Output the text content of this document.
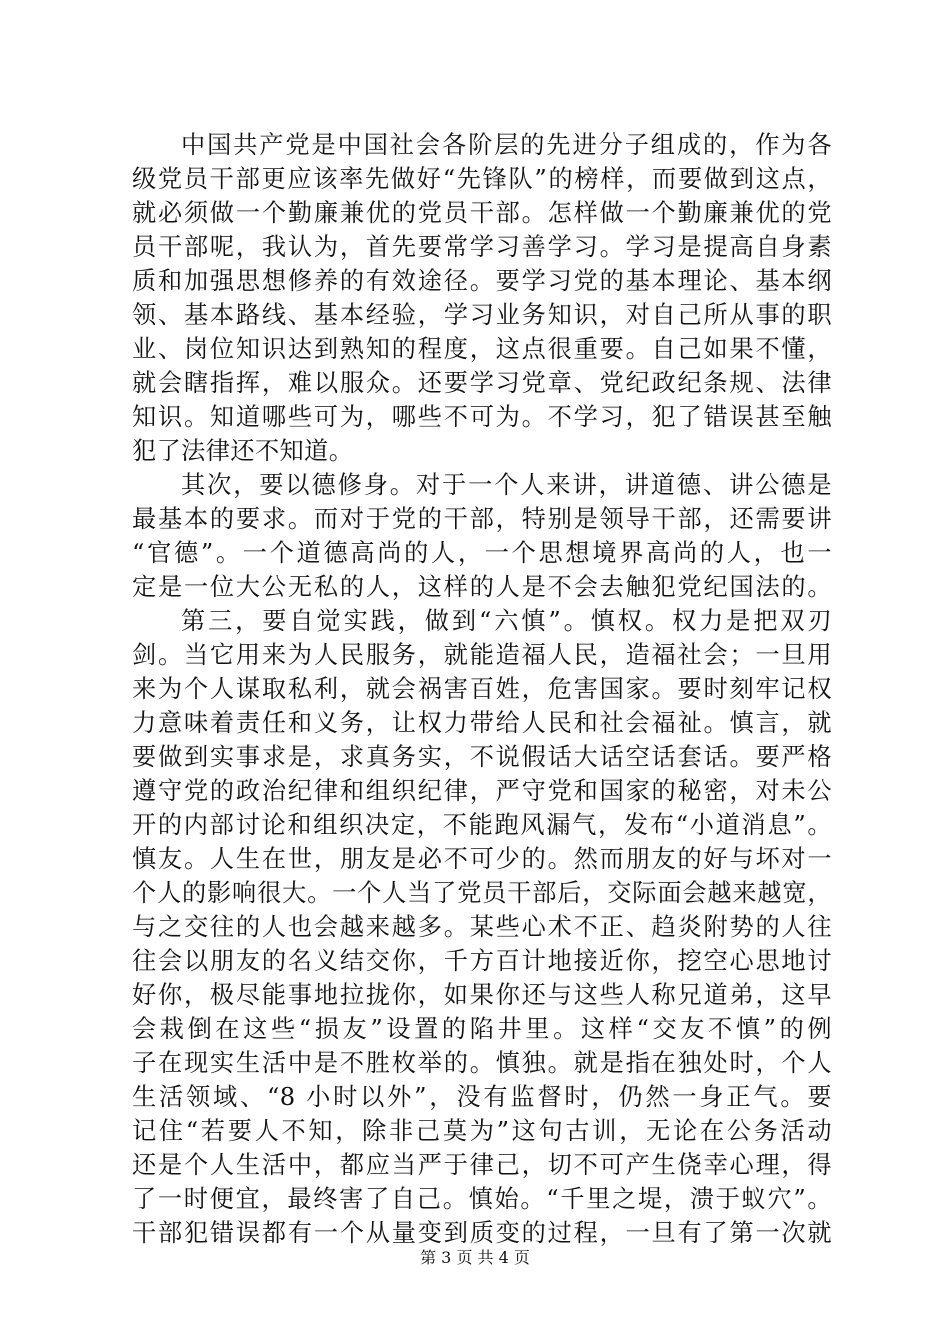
中国共产党是中国社会各阶层的先进分子组成的，作为各
级党员干部更应该率先做好“先锋队”的榜样，而要做到这点，
就必须做一个勤廉兼优的党员干部。怎样做一个勤廉兼优的党
员干部呢，我认为，首先要常学习善学习。学习是提高自身素
质和加强思想修养的有效途径。要学习党的基本理论、基本纲
领、基本路线、基本经验，学习业务知识，对自己所从事的职
业、岗位知识达到熟知的程度，这点很重要。自己如果不懂，
就会瞎指挥，难以服众。还要学习党章、党纪政纪条规、法律
知识。知道哪些可为，哪些不可为。不学习，犯了错误甚至触
犯了法律还不知道。
其次，要以德修身。对于一个人来讲，讲道德、讲公德是
最基本的要求。而对于党的干部，特别是领导干部，还需要讲
“官德”。一个道德高尚的人，一个思想境界高尚的人，也一
定是一位大公无私的人，这样的人是不会去触犯党纪国法的。
第三，要自觉实践，做到“六慎”。慎权。权力是把双刃
剑。当它用来为人民服务，就能造福人民，造福社会；一旦用
来为个人谋取私利，就会祸害百姓，危害国家。要时刻牢记权
力意味着责任和义务，让权力带给人民和社会福祉。慎言，就
要做到实事求是，求真务实，不说假话大话空话套话。要严格
遵守党的政治纪律和组织纪律，严守党和国家的秘密，对未公
开的内部讨论和组织决定，不能跑风漏气，发布“小道消息”。
慎友。人生在世，朋友是必不可少的。然而朋友的好与坏对一
个人的影响很大。一个人当了党员干部后，交际面会越来越宽，
与之交往的人也会越来越多。某些心术不正、趋炎附势的人往
往会以朋友的名义结交你，千方百计地接近你，挖空心思地讨
好你，极尽能事地拉拢你，如果你还与这些人称兄道弟，这早
会栽倒在这些“损友”设置的陷井里。这样“交友不慎”的例
子在现实生活中是不胜枚举的。慎独。就是指在独处时，个人
生活领域、“8 小时以外”，没有监督时，仍然一身正气。要
记住“若要人不知，除非己莫为”这句古训，无论在公务活动
还是个人生活中，都应当严于律己，切不可产生侥幸心理，得
了一时便宜，最终害了自己。慎始。“千里之堤，溃于蚁穴”。
干部犯错误都有一个从量变到质变的过程，一旦有了第一次就
第 3 页 共 4 页
